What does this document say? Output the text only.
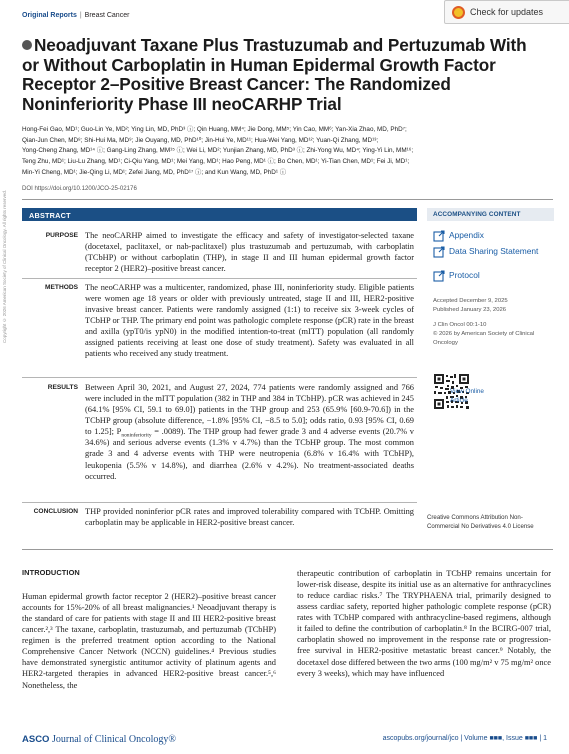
Original Reports | Breast Cancer	Check for updates
Copyright © 2026 American Society of Clinical Oncology. All rights reserved.
Neoadjuvant Taxane Plus Trastuzumab and Pertuzumab With or Without Carboplatin in Human Epidermal Growth Factor Receptor 2–Positive Breast Cancer: The Randomized Noninferiority Phase III neoCARHP Trial
Hong-Fei Gao, MD¹; Guo-Lin Ye, MD²; Ying Lin, MD, PhD³ ⓘ; Qin Huang, MM⁴; Jie Dong, MM⁵; Yin Cao, MM⁶; Yan-Xia Zhao, MD, PhD⁷;
Qian-Jun Chen, MD⁸; Shi-Hui Ma, MD⁹; Jie Ouyang, MD, PhD¹⁰; Jin-Hui Ye, MD¹¹; Hua-Wei Yang, MD¹²; Yuan-Qi Zhang, MD¹³;
Yong-Cheng Zhang, MD¹⁴ ⓘ; Gang-Ling Zhang, MM¹⁵ ⓘ; Wei Li, MD²; Yunjian Zhang, MD, PhD³ ⓘ; Zhi-Yong Wu, MD⁴; Ying-Yi Lin, MM¹⁶;
Teng Zhu, MD¹; Liu-Lu Zhang, MD¹; Ci-Qiu Yang, MD¹; Mei Yang, MD¹; Hao Peng, MD¹ ⓘ; Bo Chen, MD¹; Yi-Tian Chen, MD¹; Fei Ji, MD¹;
Min-Yi Cheng, MD¹; Jie-Qing Li, MD¹; Zefei Jiang, MD, PhD¹⁷ ⓘ; and Kun Wang, MD, PhD¹ ⓘ
DOI https://doi.org/10.1200/JCO-25-02176
ABSTRACT
PURPOSE The neoCARHP aimed to investigate the efficacy and safety of investigator-selected taxane (docetaxel, paclitaxel, or nab-paclitaxel) plus trastuzumab and pertuzumab, with carboplatin (TCbHP) or without carboplatin (THP), in stage II and III human epidermal growth factor receptor 2 (HER2)–positive breast cancer.
METHODS The neoCARHP was a multicenter, randomized, phase III, noninferiority study. Eligible patients were women age 18 years or older with previously untreated, stage II and III, HER2-positive invasive breast cancer. Patients were randomly assigned (1:1) to receive six 3-week cycles of TCbHP or THP. The primary end point was pathologic complete response (pCR) rate in the breast and axilla (ypT0/is ypN0) in the modified intention-to-treat (mITT) population (all randomly assigned patients receiving at least one dose of study treatment). Safety was evaluated in all patients who received any study treatment.
RESULTS Between April 30, 2021, and August 27, 2024, 774 patients were randomly assigned and 766 were included in the mITT population (382 in THP and 384 in TCbHP). pCR was achieved in 245 (64.1% [95% CI, 59.1 to 69.0]) patients in the THP group and 253 (65.9% [60.9-70.6]) in the TCbHP group (absolute difference, −1.8% [95% CI, −8.5 to 5.0]; odds ratio, 0.93 [95% CI, 0.69 to 1.25]; $P_{noninferiority} = .0089$). The THP group had fewer grade 3 and 4 adverse events (20.7% v 34.6%) and serious adverse events (1.3% v 4.7%) than the TCbHP group. The most common grade 3 and 4 adverse events with THP were neutropenia (6.8% v 16.4% with TCbHP), leukopenia (5.5% v 14.8%), and diarrhea (2.6% v 4.2%). No treatment-associated deaths occurred.
CONCLUSION THP provided noninferior pCR rates and improved tolerability compared with TCbHP. Omitting carboplatin may be applicable in HER2-positive breast cancer.
ACCOMPANYING CONTENT
Appendix
Data Sharing Statement
Protocol
Accepted December 9, 2025
Published January 23, 2026
J Clin Oncol 00:1-10
© 2026 by American Society of Clinical Oncology
View Online Article
Creative Commons Attribution Non-Commercial No Derivatives 4.0 License
INTRODUCTION
Human epidermal growth factor receptor 2 (HER2)–positive breast cancer accounts for 15%-20% of all breast malignancies.¹ Neoadjuvant therapy is the standard of care for patients with stage II and III HER2-positive breast cancer.²,³ The taxane, carboplatin, trastuzumab, and pertuzumab (TCbHP) regimen is the preferred treatment option according to the National Comprehensive Cancer Network (NCCN) guidelines.⁴ Previous studies have demonstrated synergistic antitumor activity of platinum agents and HER2-targeted therapies in advanced HER2-positive breast cancer.⁵,⁶ Nonetheless, the
therapeutic contribution of carboplatin in TCbHP remains uncertain for lower-risk disease, despite its initial use as an alternative for anthracyclines to reduce cardiac risks.⁷ The TRYPHAENA trial, primarily designed to assess cardiac safety, reported higher pathologic complete response (pCR) rates with TCbHP compared with anthracycline-based regimens, although it failed to define the contribution of carboplatin.⁸ In the BCIRG-007 trial, carboplatin showed no improvement in the response rate or progression-free survival in HER2-positive metastatic breast cancer.⁹ Notably, the docetaxel dose differed between the two arms (100 mg/m² v 75 mg/m² once every 3 weeks), which may have influenced
ASCO Journal of Clinical Oncology®	ascopubs.org/journal/jco | Volume ■■■, Issue ■■■ | 1
